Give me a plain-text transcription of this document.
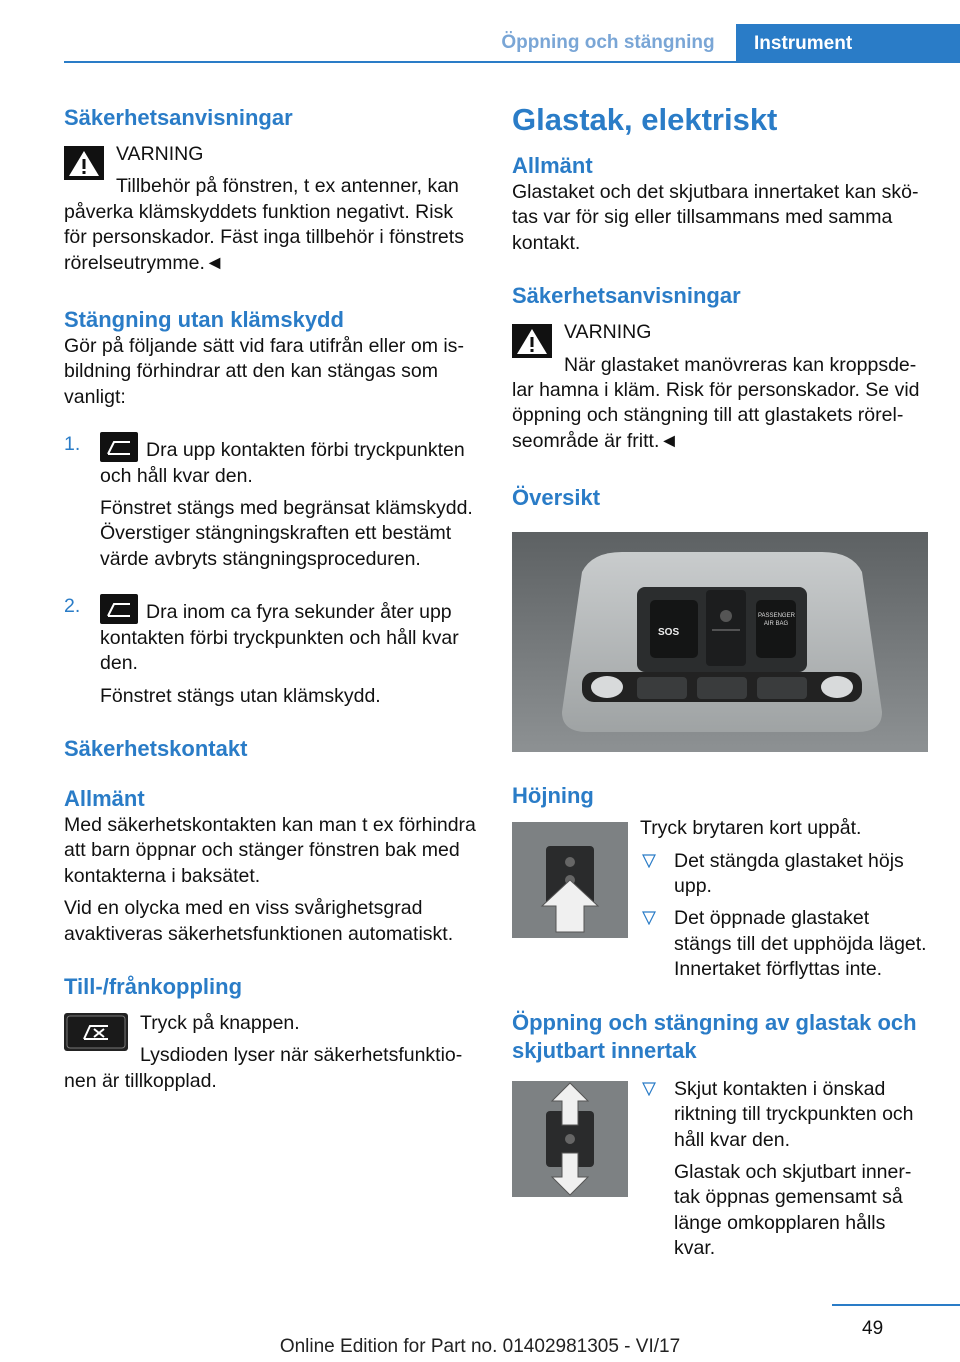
Öppning och stängning	Instrument
Säkerhetsanvisningar

VARNING

Tillbehör på fönstren, t ex antenner, kan påverka klämskyddets funktion negativt. Risk för personskador. Fäst inga tillbehör i fönstrets rörelseutrymme.◄

Stängning utan klämskydd

Gör på följande sätt vid fara utifrån eller om isbildning förhindrar att den kan stängas som vanligt:

1.	Dra upp kontakten förbi tryckpunkten och håll kvar den.

Fönstret stängs med begränsat klämskydd. Överstiger stängningskraften ett bestämt värde avbryts stängningsproceduren.

2.	Dra inom ca fyra sekunder åter upp kontakten förbi tryckpunkten och håll kvar den.

Fönstret stängs utan klämskydd.

Säkerhetskontakt
Allmänt

Med säkerhetskontakten kan man t ex förhindra att barn öppnar och stänger fönstren bak med kontakterna i baksätet.

Vid en olycka med en viss svårighetsgrad avaktiveras säkerhetsfunktionen automatiskt.

Till-/frånkoppling

Tryck på knappen.

Lysdioden lyser när säkerhetsfunktionen är tillkopplad.

Glastak, elektriskt
Allmänt

Glastaket och det skjutbara innertaket kan skötas var för sig eller tillsammans med samma kontakt.

Säkerhetsanvisningar

VARNING

När glastaket manövreras kan kroppsdelar hamna i kläm. Risk för personskador. Se vid öppning och stängning till att glastakets rörelseområde är fritt.◄

Översikt
SOS
PASSENGER AIR BAG
Höjning

Tryck brytaren kort uppåt.

Det stängda glastaket höjs upp.

Det öppnade glastaket stängs till det upphöjda läget. Innertaket förflyttas inte.

Öppning och stängning av glastak och skjutbart innertak

Skjut kontakten i önskad riktning till tryckpunkten och håll kvar den.

Glastak och skjutbart innertak öppnas gemensamt så länge omkopplaren hålls kvar.

49
Online Edition for Part no. 01402981305 - VI/17
